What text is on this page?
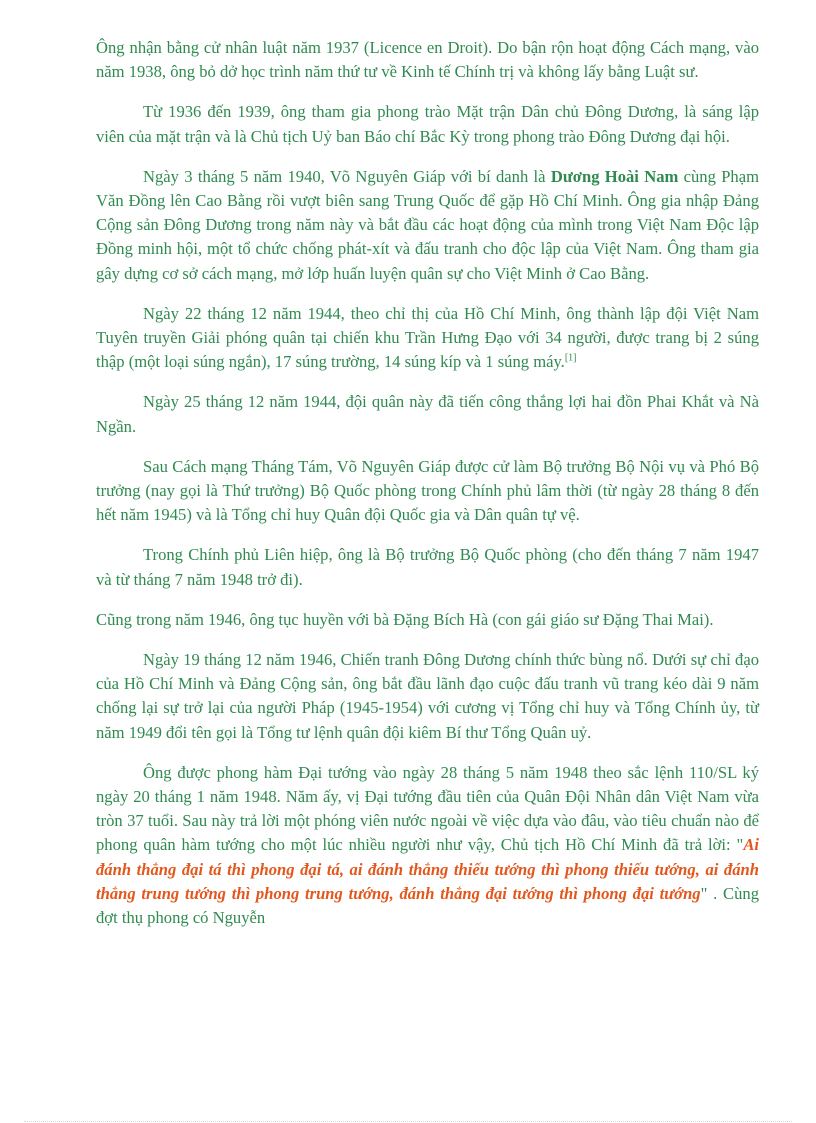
Ông nhận bằng cử nhân luật năm 1937 (Licence en Droit). Do bận rộn hoạt động Cách mạng, vào năm 1938, ông bỏ dở học trình năm thứ tư về Kinh tế Chính trị và không lấy bằng Luật sư.

Từ 1936 đến 1939, ông tham gia phong trào Mặt trận Dân chủ Đông Dương, là sáng lập viên của mặt trận và là Chủ tịch Uỷ ban Báo chí Bắc Kỳ trong phong trào Đông Dương đại hội.

Ngày 3 tháng 5 năm 1940, Võ Nguyên Giáp với bí danh là Dương Hoài Nam cùng Phạm Văn Đồng lên Cao Bằng rồi vượt biên sang Trung Quốc để gặp Hồ Chí Minh. Ông gia nhập Đảng Cộng sản Đông Dương trong năm này và bắt đầu các hoạt động của mình trong Việt Nam Độc lập Đồng minh hội, một tổ chức chống phát-xít và đấu tranh cho độc lập của Việt Nam. Ông tham gia gây dựng cơ sở cách mạng, mở lớp huấn luyện quân sự cho Việt Minh ở Cao Bằng.

Ngày 22 tháng 12 năm 1944, theo chỉ thị của Hồ Chí Minh, ông thành lập đội Việt Nam Tuyên truyền Giải phóng quân tại chiến khu Trần Hưng Đạo với 34 người, được trang bị 2 súng thập (một loại súng ngắn), 17 súng trường, 14 súng kíp và 1 súng máy.[1]

Ngày 25 tháng 12 năm 1944, đội quân này đã tiến công thắng lợi hai đồn Phai Khắt và Nà Ngần.

Sau Cách mạng Tháng Tám, Võ Nguyên Giáp được cử làm Bộ trưởng Bộ Nội vụ và Phó Bộ trưởng (nay gọi là Thứ trưởng) Bộ Quốc phòng trong Chính phủ lâm thời (từ ngày 28 tháng 8 đến hết năm 1945) và là Tổng chỉ huy Quân đội Quốc gia và Dân quân tự vệ.

Trong Chính phủ Liên hiệp, ông là Bộ trưởng Bộ Quốc phòng (cho đến tháng 7 năm 1947 và từ tháng 7 năm 1948 trở đi).

Cũng trong năm 1946, ông tục huyền với bà Đặng Bích Hà (con gái giáo sư Đặng Thai Mai).

Ngày 19 tháng 12 năm 1946, Chiến tranh Đông Dương chính thức bùng nổ. Dưới sự chỉ đạo của Hồ Chí Minh và Đảng Cộng sản, ông bắt đầu lãnh đạo cuộc đấu tranh vũ trang kéo dài 9 năm chống lại sự trở lại của người Pháp (1945-1954) với cương vị Tổng chỉ huy và Tổng Chính ủy, từ năm 1949 đổi tên gọi là Tổng tư lệnh quân đội kiêm Bí thư Tổng Quân uỷ.

Ông được phong hàm Đại tướng vào ngày 28 tháng 5 năm 1948 theo sắc lệnh 110/SL ký ngày 20 tháng 1 năm 1948. Năm ấy, vị Đại tướng đầu tiên của Quân Đội Nhân dân Việt Nam vừa tròn 37 tuổi. Sau này trả lời một phóng viên nước ngoài về việc dựa vào đâu, vào tiêu chuẩn nào để phong quân hàm tướng cho một lúc nhiều người như vậy, Chủ tịch Hồ Chí Minh đã trả lời: "Ai đánh thắng đại tá thì phong đại tá, ai đánh thắng thiếu tướng thì phong thiếu tướng, ai đánh thắng trung tướng thì phong trung tướng, đánh thắng đại tướng thì phong đại tướng" . Cùng đợt thụ phong có Nguyễn
